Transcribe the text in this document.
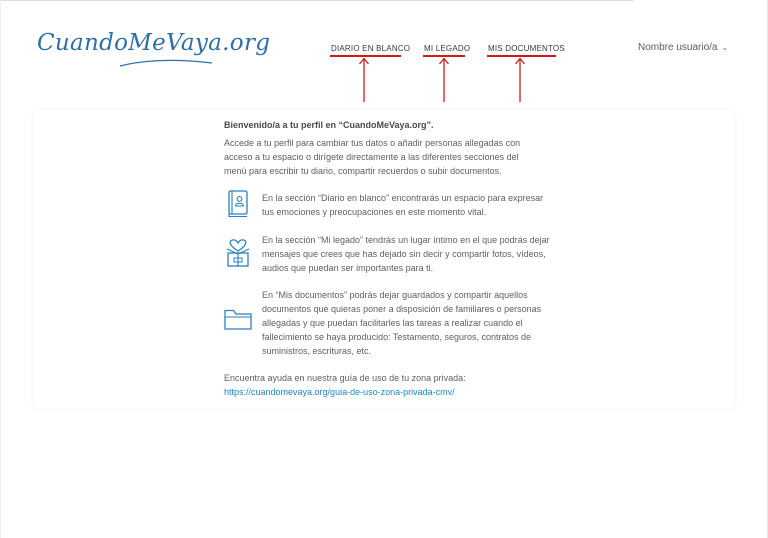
CuandoMeVaya.org	DIARIO EN BLANCO MI LEGADO MIS DOCUMENTOS	Nombre usuario/a ⌄
Bienvenido/a a tu perfil en “CuandoMeVaya.org”.
Accede a tu perfil para cambiar tus datos o añadir personas allegadas con acceso a tu espacio o dirígete directamente a las diferentes secciones del menú para escribir tu diario, compartir recuerdos o subir documentos.
En la sección “Diario en blanco” encontrarás un espacio para expresar tus emociones y preocupaciones en este momento vital.
En la sección “Mi legado” tendrás un lugar íntimo en el que podrás dejar mensajes que crees que has dejado sin decir y compartir fotos, vídeos, audios que puedan ser importantes para ti.
En “Mis documentos” podrás dejar guardados y compartir aquellos documentos que quieras poner a disposición de familiares o personas allegadas y que puedan facilitarles las tareas a realizar cuando el fallecimiento se haya producido: Testamento, seguros, contratos de suministros, escrituras, etc.
Encuentra ayuda en nuestra guía de uso de tu zona privada:
https://cuandomevaya.org/guia-de-uso-zona-privada-cmv/
